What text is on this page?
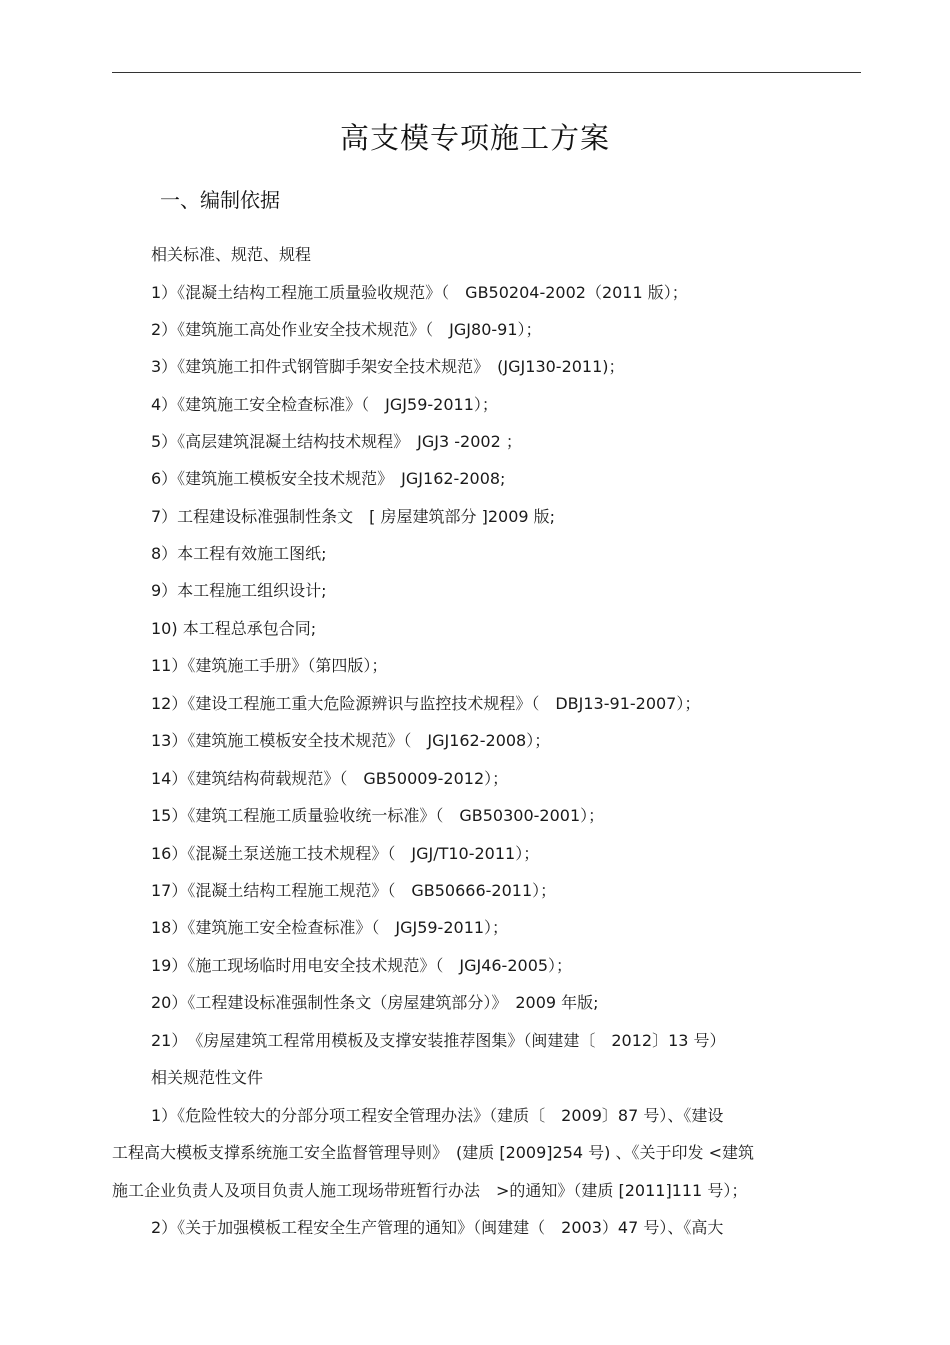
高支模专项施工方案
一、编制依据
相关标准、规范、规程
1）《混凝土结构工程施工质量验收规范》（　GB50204-2002（2011 版）；
2）《建筑施工高处作业安全技术规范》（　JGJ80-91）；
3）《建筑施工扣件式钢管脚手架安全技术规范》　(JGJ130-2011)；
4）《建筑施工安全检查标准》（　JGJ59-2011）；
5）《高层建筑混凝土结构技术规程》　JGJ3 -2002 ；
6）《建筑施工模板安全技术规范》　JGJ162-2008;
7）工程建设标准强制性条文　[ 房屋建筑部分 ]2009 版;
8）本工程有效施工图纸;
9）本工程施工组织设计;
10) 本工程总承包合同;
11）《建筑施工手册》（第四版）；
12）《建设工程施工重大危险源辨识与监控技术规程》（　DBJ13-91-2007）；
13）《建筑施工模板安全技术规范》（　JGJ162-2008）；
14）《建筑结构荷载规范》（　GB50009-2012）；
15）《建筑工程施工质量验收统一标准》（　GB50300-2001）；
16）《混凝土泵送施工技术规程》（　JGJ/T10-2011）；
17）《混凝土结构工程施工规范》（　GB50666-2011）；
18）《建筑施工安全检查标准》（　JGJ59-2011）；
19）《施工现场临时用电安全技术规范》（　JGJ46-2005）；
20）《工程建设标准强制性条文（房屋建筑部分）》　2009 年版;
21）　《房屋建筑工程常用模板及支撑安装推荐图集》（闽建建〔　2012〕13 号）
相关规范性文件
1）《危险性较大的分部分项工程安全管理办法》（建质〔　2009〕87 号）、《建设
工程高大模板支撑系统施工安全监督管理导则》　(建质 [2009]254 号) 、《关于印发 <建筑
施工企业负责人及项目负责人施工现场带班暂行办法　>的通知》（建质 [2011]111 号）；
2）《关于加强模板工程安全生产管理的通知》（闽建建（　2003）47 号）、《高大
